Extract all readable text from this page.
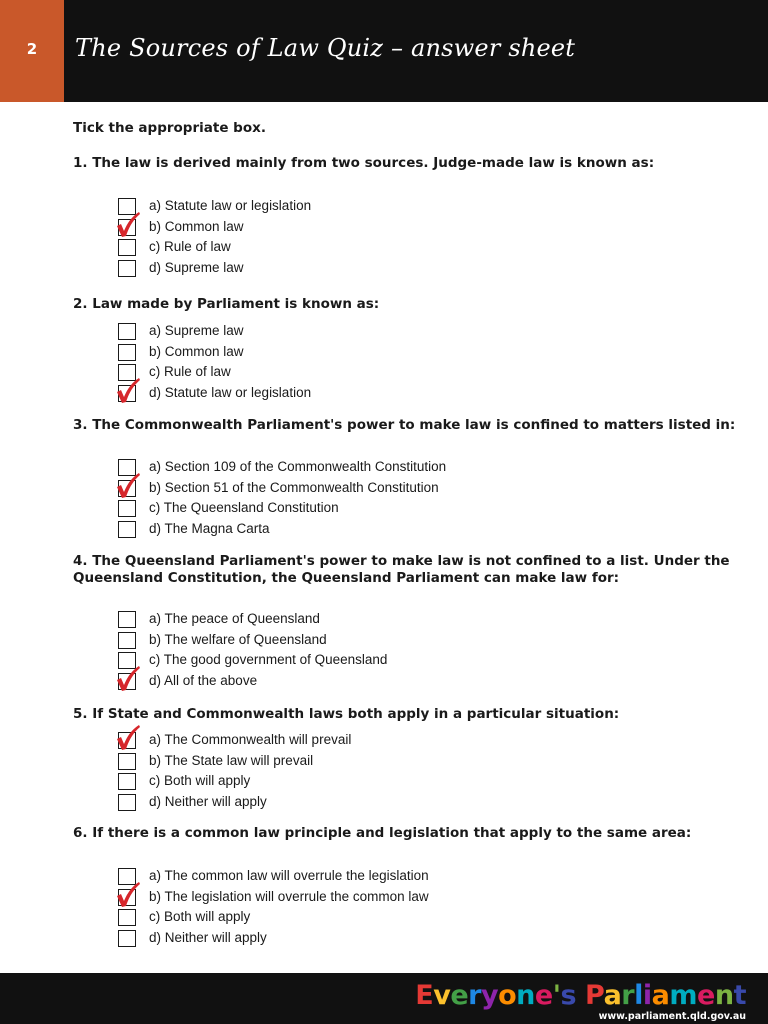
2	The Sources of Law Quiz – answer sheet
Tick the appropriate box.
1. The law is derived mainly from two sources. Judge-made law is known as:
a) Statute law or legislation
b) Common law
c) Rule of law
d) Supreme law
2. Law made by Parliament is known as:
a) Supreme law
b) Common law
c) Rule of law
d) Statute law or legislation
3. The Commonwealth Parliament's power to make law is confined to matters listed in:
a) Section 109 of the Commonwealth Constitution
b) Section 51 of the Commonwealth Constitution
c) The Queensland Constitution
d) The Magna Carta
4. The Queensland Parliament's power to make law is not confined to a list. Under the Queensland Constitution, the Queensland Parliament can make law for:
a) The peace of Queensland
b) The welfare of Queensland
c) The good government of Queensland
d) All of the above
5. If State and Commonwealth laws both apply in a particular situation:
a) The Commonwealth will prevail
b) The State law will prevail
c) Both will apply
d) Neither will apply
6. If there is a common law principle and legislation that apply to the same area:
a) The common law will overrule the legislation
b) The legislation will overrule the common law
c) Both will apply
d) Neither will apply
Everyone's Parliament
www.parliament.qld.gov.au
